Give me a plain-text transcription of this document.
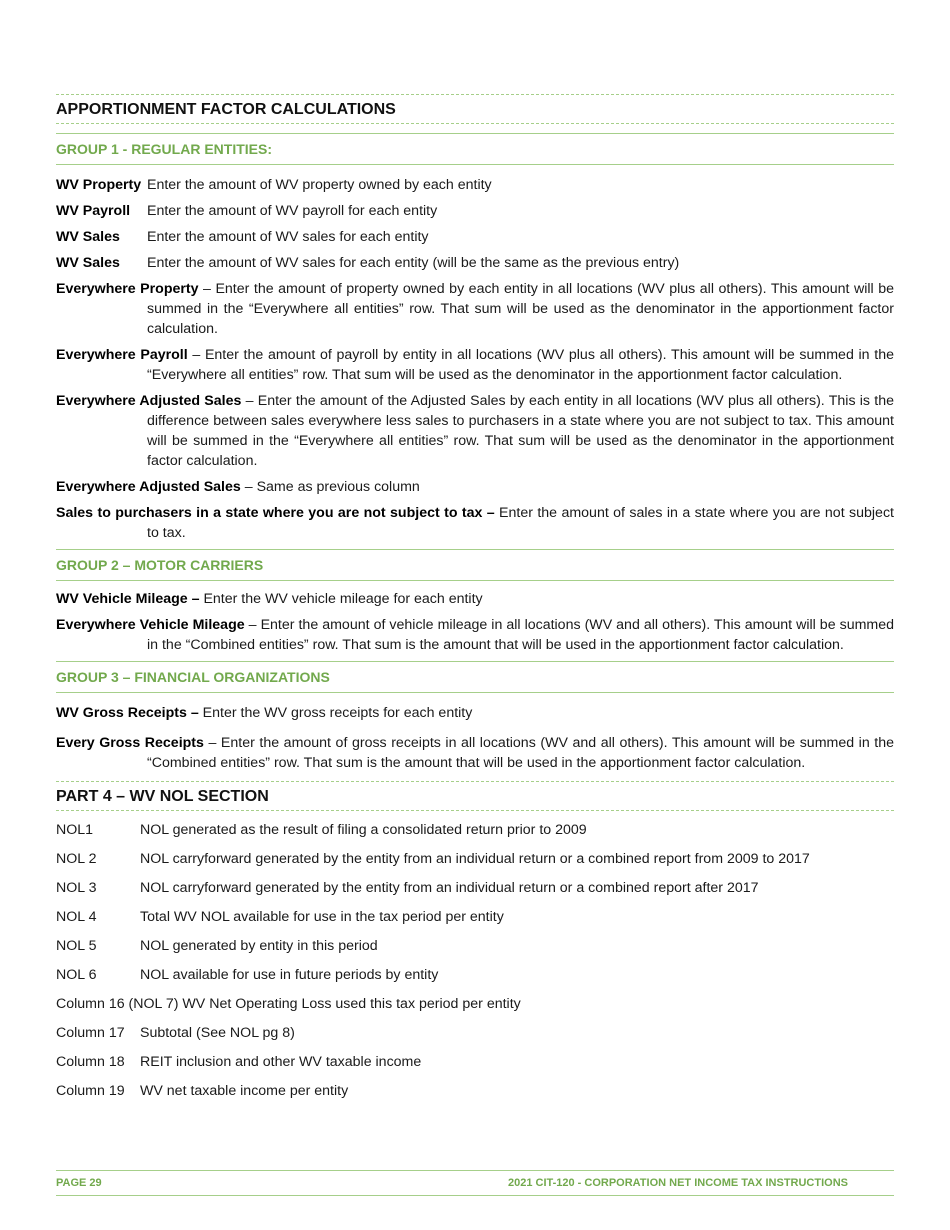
APPORTIONMENT FACTOR CALCULATIONS
GROUP 1 - REGULAR ENTITIES:
WV Property Enter the amount of WV property owned by each entity
WV Payroll	Enter the amount of WV payroll for each entity
WV Sales	Enter the amount of WV sales for each entity
WV Sales	Enter the amount of WV sales for each entity (will be the same as the previous entry)

Everywhere Property – Enter the amount of property owned by each entity in all locations (WV plus all others). This amount will be summed in the “Everywhere all entities” row. That sum will be used as the denominator in the apportionment factor calculation.

Everywhere Payroll – Enter the amount of payroll by entity in all locations (WV plus all others). This amount will be summed in the “Everywhere all entities” row. That sum will be used as the denominator in the apportionment factor calculation.

Everywhere Adjusted Sales – Enter the amount of the Adjusted Sales by each entity in all locations (WV plus all others). This is the difference between sales everywhere less sales to purchasers in a state where you are not subject to tax. This amount will be summed in the “Everywhere all entities” row. That sum will be used as the denominator in the apportionment factor calculation.

Everywhere Adjusted Sales – Same as previous column

Sales to purchasers in a state where you are not subject to tax – Enter the amount of sales in a state where you are not subject to tax.

GROUP 2 – MOTOR CARRIERS

WV Vehicle Mileage – Enter the WV vehicle mileage for each entity

Everywhere Vehicle Mileage – Enter the amount of vehicle mileage in all locations (WV and all others). This amount will be summed in the “Combined entities” row. That sum is the amount that will be used in the apportionment factor calculation.

GROUP 3 – FINANCIAL ORGANIZATIONS

WV Gross Receipts – Enter the WV gross receipts for each entity

Every Gross Receipts – Enter the amount of gross receipts in all locations (WV and all others). This amount will be summed in the “Combined entities” row. That sum is the amount that will be used in the apportionment factor calculation.

PART 4 – WV NOL SECTION
NOL1	NOL generated as the result of filing a consolidated return prior to 2009
NOL 2	NOL carryforward generated by the entity from an individual return or a combined report from 2009 to 2017
NOL 3	NOL carryforward generated by the entity from an individual return or a combined report after 2017
NOL 4	Total WV NOL available for use in the tax period per entity
NOL 5	NOL generated by entity in this period
NOL 6	NOL available for use in future periods by entity
Column 16 (NOL 7) WV Net Operating Loss used this tax period per entity
Column 17	Subtotal (See NOL pg 8)
Column 18	REIT inclusion and other WV taxable income
Column 19	WV net taxable income per entity
PAGE 29	2021 CIT-120 - CORPORATION NET INCOME TAX INSTRUCTIONS
